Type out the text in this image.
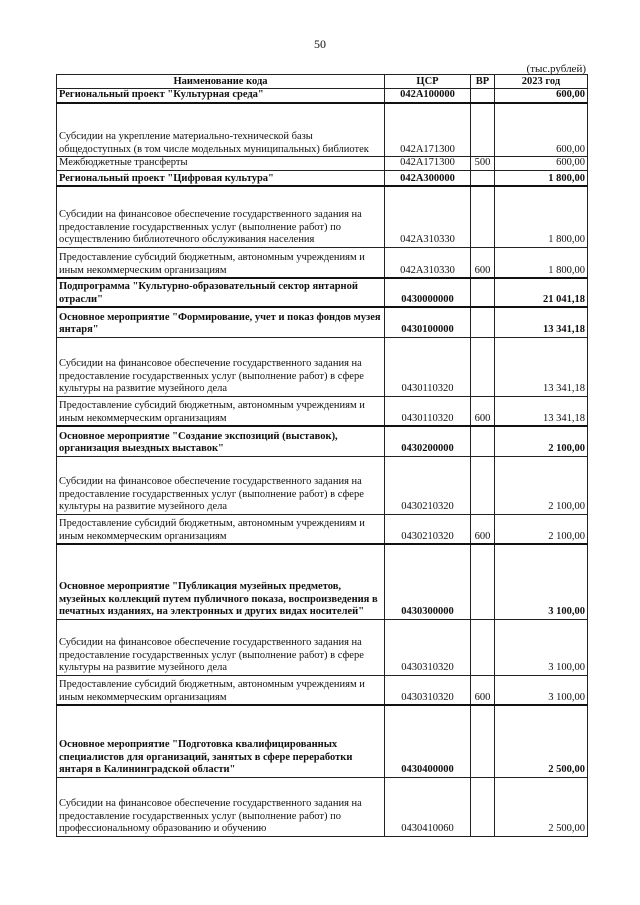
50
(тыс.рублей)
Наименование кода	ЦСР	ВР	2023 год
Региональный проект "Культурная среда"	042A100000		600,00
Субсидии на укрепление материально-технической базы общедоступных (в том числе модельных муниципальных) библиотек	042A171300		600,00
Межбюджетные трансферты	042A171300	500	600,00
Региональный проект "Цифровая культура"	042A300000		1 800,00
Субсидии на финансовое обеспечение государственного задания на предоставление государственных услуг (выполнение работ) по осуществлению библиотечного обслуживания населения	042A310330		1 800,00
Предоставление субсидий бюджетным, автономным учреждениям и иным некоммерческим организациям	042A310330	600	1 800,00
Подпрограмма "Культурно-образовательный сектор янтарной отрасли"	0430000000		21 041,18
Основное мероприятие "Формирование, учет и показ фондов музея янтаря"	0430100000		13 341,18
Субсидии на финансовое обеспечение государственного задания на предоставление государственных услуг (выполнение работ) в сфере культуры на развитие музейного дела	0430110320		13 341,18
Предоставление субсидий бюджетным, автономным учреждениям и иным некоммерческим организациям	0430110320	600	13 341,18
Основное мероприятие "Создание экспозиций (выставок), организация выездных выставок"	0430200000		2 100,00
Субсидии на финансовое обеспечение государственного задания на предоставление государственных услуг (выполнение работ) в сфере культуры на развитие музейного дела	0430210320		2 100,00
Предоставление субсидий бюджетным, автономным учреждениям и иным некоммерческим организациям	0430210320	600	2 100,00
Основное мероприятие "Публикация музейных предметов, музейных коллекций путем публичного показа, воспроизведения в печатных изданиях, на электронных и других видах носителей"	0430300000		3 100,00
Субсидии на финансовое обеспечение государственного задания на предоставление государственных услуг (выполнение работ) в сфере культуры на развитие музейного дела	0430310320		3 100,00
Предоставление субсидий бюджетным, автономным учреждениям и иным некоммерческим организациям	0430310320	600	3 100,00
Основное мероприятие "Подготовка квалифицированных специалистов для организаций, занятых в сфере переработки янтаря в Калининградской области"	0430400000		2 500,00
Субсидии на финансовое обеспечение государственного задания на предоставление государственных услуг (выполнение работ) по профессиональному образованию и обучению	0430410060		2 500,00
